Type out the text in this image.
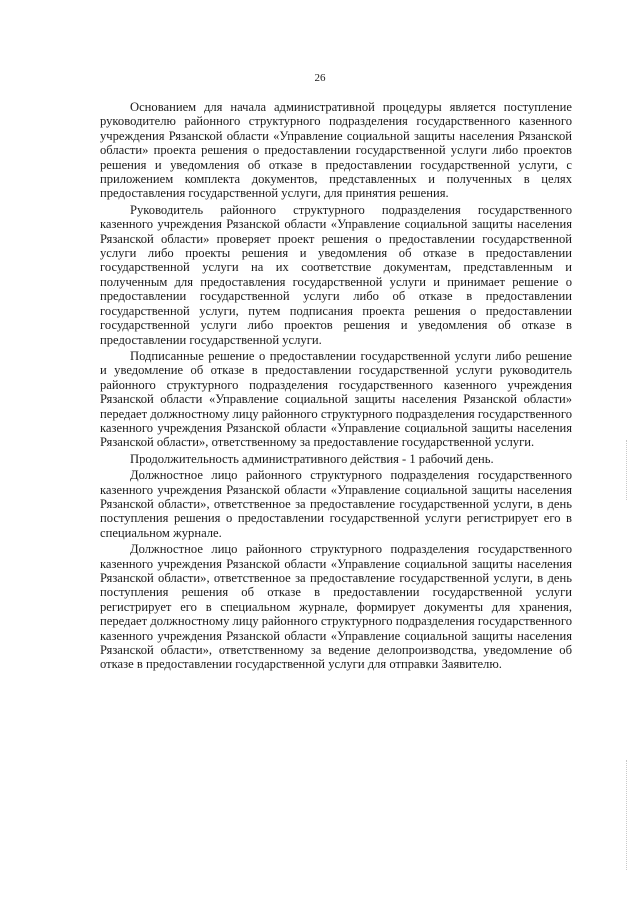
26

Основанием для начала административной процедуры является поступление руководителю районного структурного подразделения государственного казенного учреждения Рязанской области «Управление социальной защиты населения Рязанской области» проекта решения о предоставлении государственной услуги либо проектов решения и уведомления об отказе в предоставлении государственной услуги, с приложением комплекта документов, представленных и полученных в целях предоставления государственной услуги, для принятия решения.

Руководитель районного структурного подразделения государственного казенного учреждения Рязанской области «Управление социальной защиты населения Рязанской области» проверяет проект решения о предоставлении государственной услуги либо проекты решения и уведомления об отказе в предоставлении государственной услуги на их соответствие документам, представленным и полученным для предоставления государственной услуги и принимает решение о предоставлении государственной услуги либо об отказе в предоставлении государственной услуги, путем подписания проекта решения о предоставлении государственной услуги либо проектов решения и уведомления об отказе в предоставлении государственной услуги.

Подписанные решение о предоставлении государственной услуги либо решение и уведомление об отказе в предоставлении государственной услуги руководитель районного структурного подразделения государственного казенного учреждения Рязанской области «Управление социальной защиты населения Рязанской области» передает должностному лицу районного структурного подразделения государственного казенного учреждения Рязанской области «Управление социальной защиты населения Рязанской области», ответственному за предоставление государственной услуги.

Продолжительность административного действия - 1 рабочий день.

Должностное лицо районного структурного подразделения государственного казенного учреждения Рязанской области «Управление социальной защиты населения Рязанской области», ответственное за предоставление государственной услуги, в день поступления решения о предоставлении государственной услуги регистрирует его в специальном журнале.

Должностное лицо районного структурного подразделения государственного казенного учреждения Рязанской области «Управление социальной защиты населения Рязанской области», ответственное за предоставление государственной услуги, в день поступления решения об отказе в предоставлении государственной услуги регистрирует его в специальном журнале, формирует документы для хранения, передает должностному лицу районного структурного подразделения государственного казенного учреждения Рязанской области «Управление социальной защиты населения Рязанской области», ответственному за ведение делопроизводства, уведомление об отказе в предоставлении государственной услуги для отправки Заявителю.
